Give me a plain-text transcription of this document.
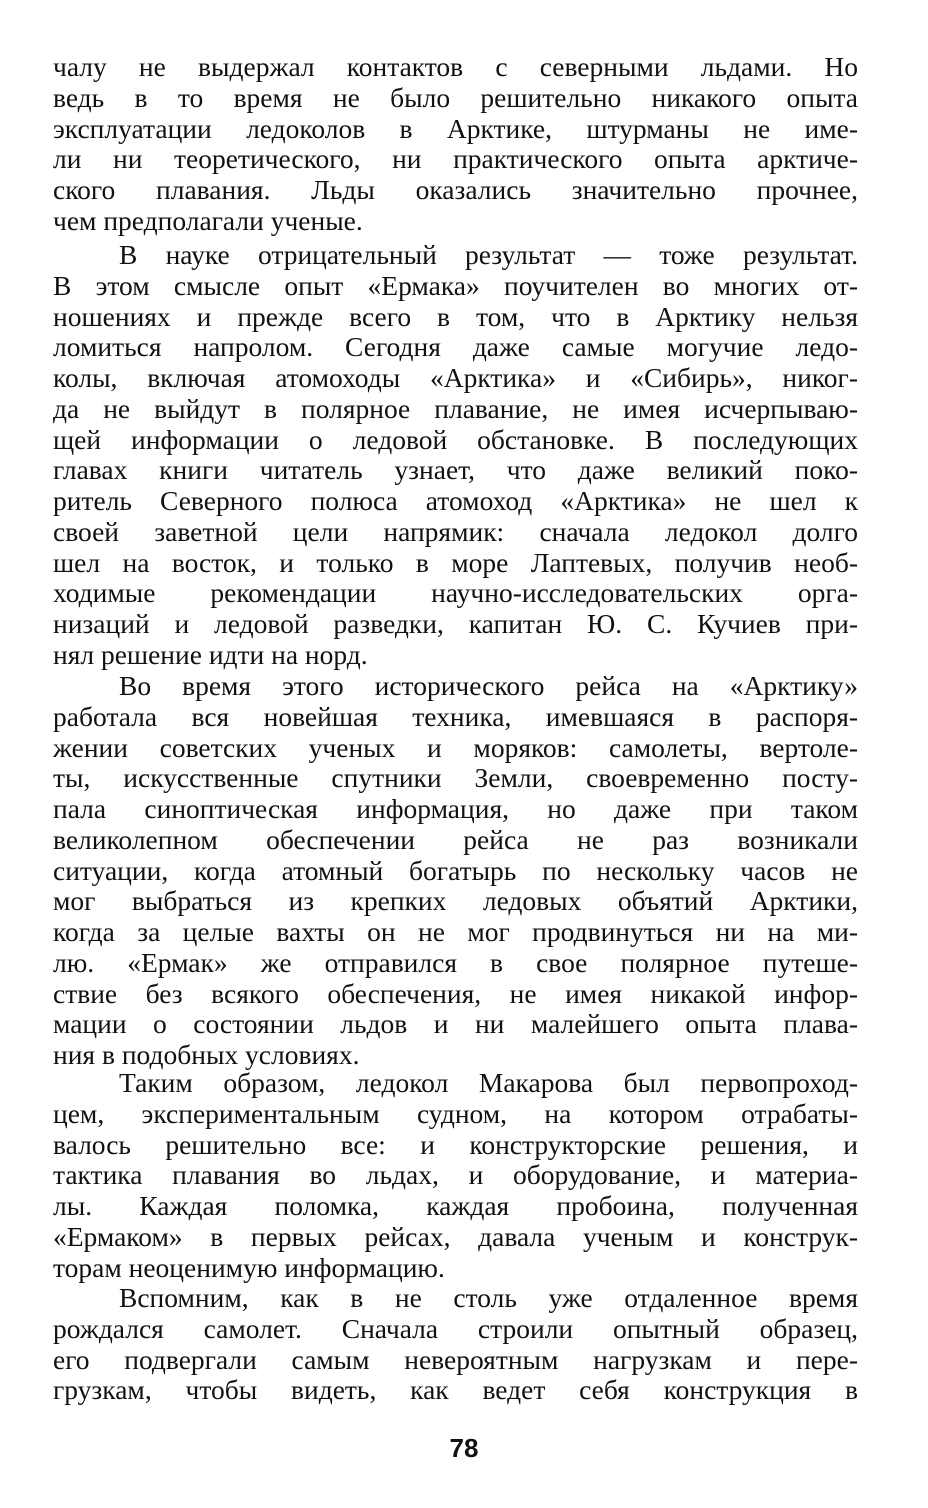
чалу не выдержал контактов с северными льдами. Но
ведь в то время не было решительно никакого опыта
эксплуатации ледоколов в Арктике, штурманы не име-
ли ни теоретического, ни практического опыта арктиче-
ского плавания. Льды оказались значительно прочнее,
чем предполагали ученые.
В науке отрицательный результат — тоже результат.
В этом смысле опыт «Ермака» поучителен во многих от-
ношениях и прежде всего в том, что в Арктику нельзя
ломиться напролом. Сегодня даже самые могучие ледо-
колы, включая атомоходы «Арктика» и «Сибирь», никог-
да не выйдут в полярное плавание, не имея исчерпываю-
щей информации о ледовой обстановке. В последующих
главах книги читатель узнает, что даже великий поко-
ритель Северного полюса атомоход «Арктика» не шел к
своей заветной цели напрямик: сначала ледокол долго
шел на восток, и только в море Лаптевых, получив необ-
ходимые рекомендации научно-исследовательских орга-
низаций и ледовой разведки, капитан Ю. С. Кучиев при-
нял решение идти на норд.
Во время этого исторического рейса на «Арктику»
работала вся новейшая техника, имевшаяся в распоря-
жении советских ученых и моряков: самолеты, вертоле-
ты, искусственные спутники Земли, своевременно посту-
пала синоптическая информация, но даже при таком
великолепном обеспечении рейса не раз возникали
ситуации, когда атомный богатырь по нескольку часов не
мог выбраться из крепких ледовых объятий Арктики,
когда за целые вахты он не мог продвинуться ни на ми-
лю. «Ермак» же отправился в свое полярное путеше-
ствие без всякого обеспечения, не имея никакой инфор-
мации о состоянии льдов и ни малейшего опыта плава-
ния в подобных условиях.
Таким образом, ледокол Макарова был первопроход-
цем, экспериментальным судном, на котором отрабаты-
валось решительно все: и конструкторские решения, и
тактика плавания во льдах, и оборудование, и материа-
лы. Каждая поломка, каждая пробоина, полученная
«Ермаком» в первых рейсах, давала ученым и конструк-
торам неоценимую информацию.
Вспомним, как в не столь уже отдаленное время
рождался самолет. Сначала строили опытный образец,
его подвергали самым невероятным нагрузкам и пере-
грузкам, чтобы видеть, как ведет себя конструкция в
78
